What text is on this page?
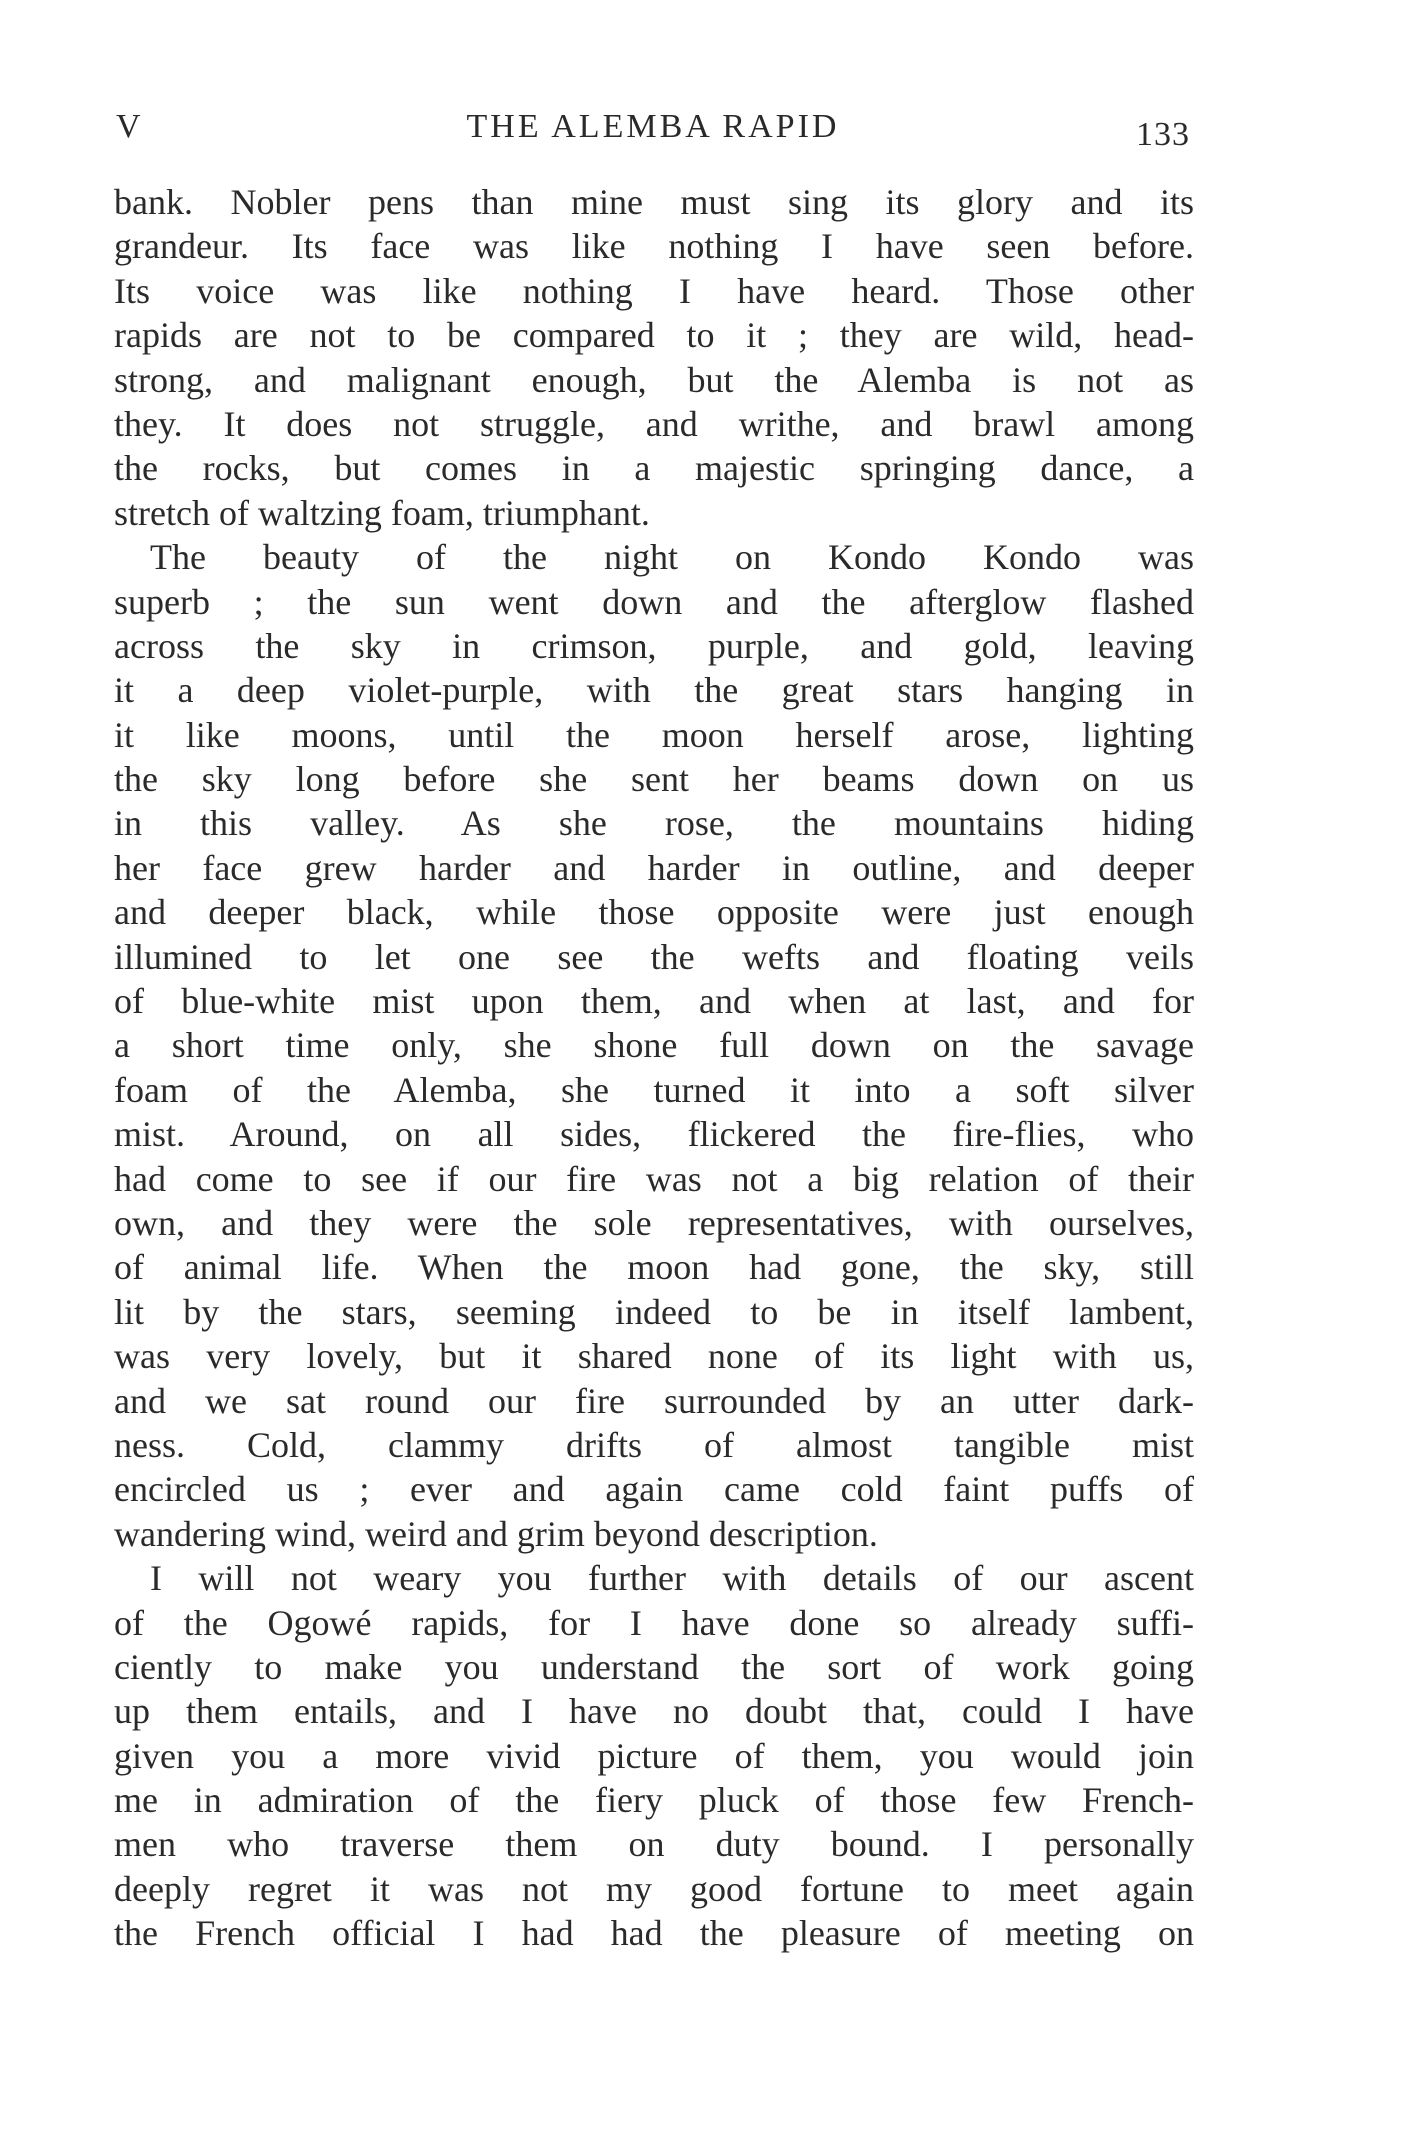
V	THE ALEMBA RAPID	133
bank. Nobler pens than mine must sing its glory and its
grandeur. Its face was like nothing I have seen before.
Its voice was like nothing I have heard. Those other
rapids are not to be compared to it ; they are wild, head-
strong, and malignant enough, but the Alemba is not as
they. It does not struggle, and writhe, and brawl among
the rocks, but comes in a majestic springing dance, a
stretch of waltzing foam, triumphant.
The beauty of the night on Kondo Kondo was
superb ; the sun went down and the afterglow flashed
across the sky in crimson, purple, and gold, leaving
it a deep violet-purple, with the great stars hanging in
it like moons, until the moon herself arose, lighting
the sky long before she sent her beams down on us
in this valley. As she rose, the mountains hiding
her face grew harder and harder in outline, and deeper
and deeper black, while those opposite were just enough
illumined to let one see the wefts and floating veils
of blue-white mist upon them, and when at last, and for
a short time only, she shone full down on the savage
foam of the Alemba, she turned it into a soft silver
mist. Around, on all sides, flickered the fire-flies, who
had come to see if our fire was not a big relation of their
own, and they were the sole representatives, with ourselves,
of animal life. When the moon had gone, the sky, still
lit by the stars, seeming indeed to be in itself lambent,
was very lovely, but it shared none of its light with us,
and we sat round our fire surrounded by an utter dark-
ness. Cold, clammy drifts of almost tangible mist
encircled us ; ever and again came cold faint puffs of
wandering wind, weird and grim beyond description.
I will not weary you further with details of our ascent
of the Ogowé rapids, for I have done so already suffi-
ciently to make you understand the sort of work going
up them entails, and I have no doubt that, could I have
given you a more vivid picture of them, you would join
me in admiration of the fiery pluck of those few French-
men who traverse them on duty bound. I personally
deeply regret it was not my good fortune to meet again
the French official I had had the pleasure of meeting on
